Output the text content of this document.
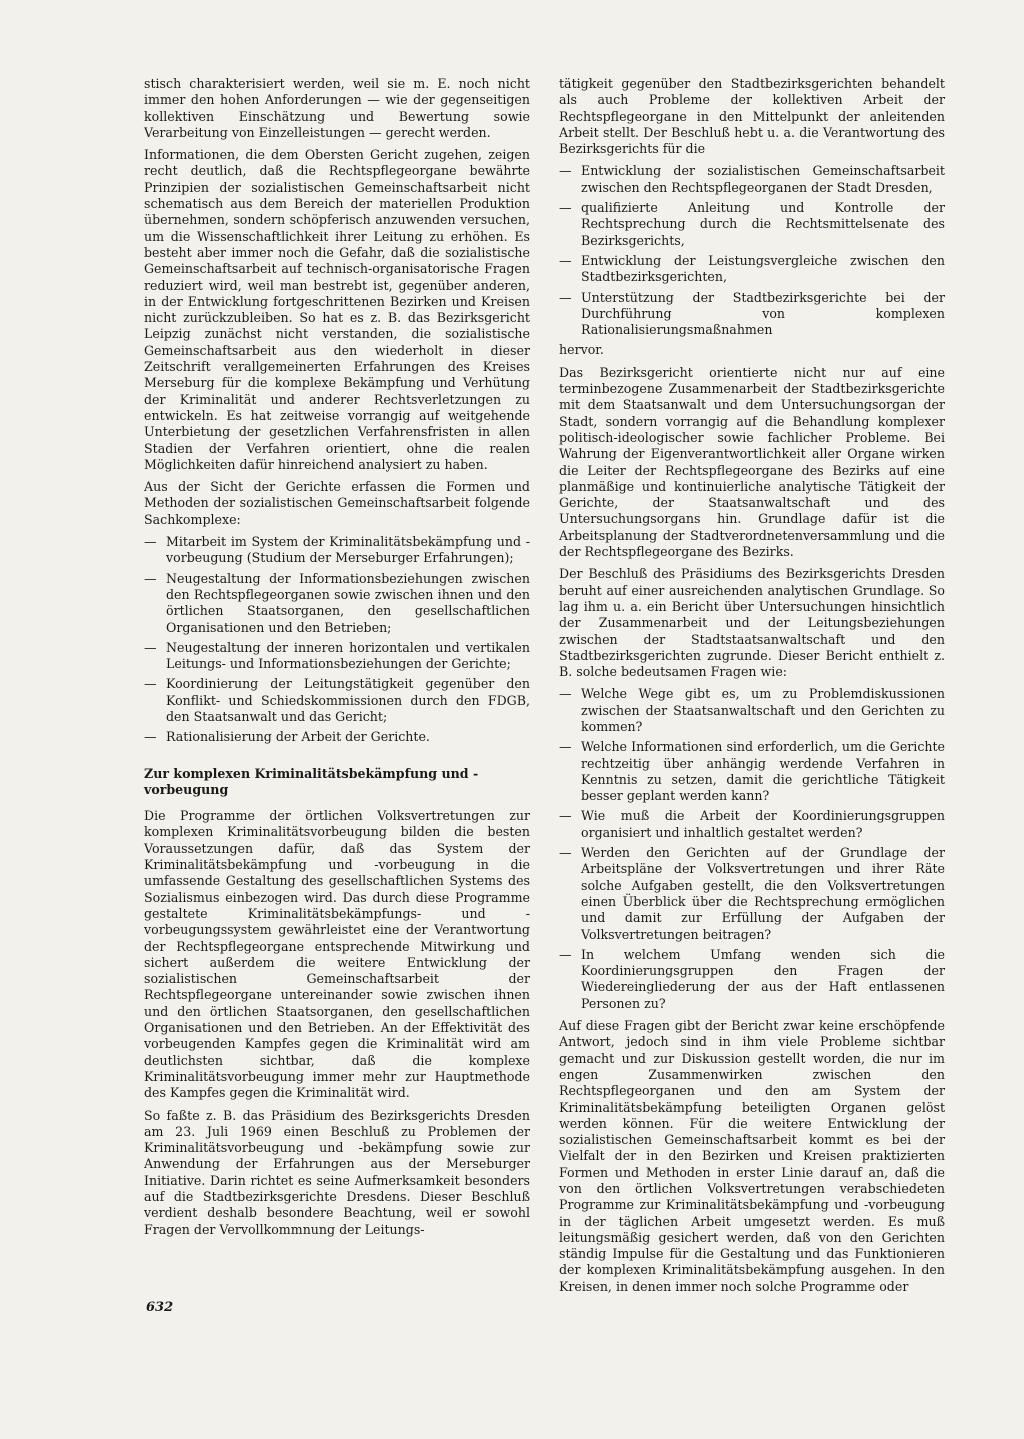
stisch charakterisiert werden, weil sie m. E. noch nicht immer den hohen Anforderungen — wie der gegenseitigen kollektiven Einschätzung und Bewertung sowie Verarbeitung von Einzelleistungen — gerecht werden.

Informationen, die dem Obersten Gericht zugehen, zeigen recht deutlich, daß die Rechtspflegeorgane bewährte Prinzipien der sozialistischen Gemeinschaftsarbeit nicht schematisch aus dem Bereich der materiellen Produktion übernehmen, sondern schöpferisch anzuwenden versuchen, um die Wissenschaftlichkeit ihrer Leitung zu erhöhen. Es besteht aber immer noch die Gefahr, daß die sozialistische Gemeinschaftsarbeit auf technisch-organisatorische Fragen reduziert wird, weil man bestrebt ist, gegenüber anderen, in der Entwicklung fortgeschrittenen Bezirken und Kreisen nicht zurückzubleiben. So hat es z. B. das Bezirksgericht Leipzig zunächst nicht verstanden, die sozialistische Gemeinschaftsarbeit aus den wiederholt in dieser Zeitschrift verallgemeinerten Erfahrungen des Kreises Merseburg für die komplexe Bekämpfung und Verhütung der Kriminalität und anderer Rechtsverletzungen zu entwickeln. Es hat zeitweise vorrangig auf weitgehende Unterbietung der gesetzlichen Verfahrensfristen in allen Stadien der Verfahren orientiert, ohne die realen Möglichkeiten dafür hinreichend analysiert zu haben.

Aus der Sicht der Gerichte erfassen die Formen und Methoden der sozialistischen Gemeinschaftsarbeit folgende Sachkomplexe:

— Mitarbeit im System der Kriminalitätsbekämpfung und -vorbeugung (Studium der Merseburger Erfahrungen);
— Neugestaltung der Informationsbeziehungen zwischen den Rechtspflegeorganen sowie zwischen ihnen und den örtlichen Staatsorganen, den gesellschaftlichen Organisationen und den Betrieben;
— Neugestaltung der inneren horizontalen und vertikalen Leitungs- und Informationsbeziehungen der Gerichte;
— Koordinierung der Leitungstätigkeit gegenüber den Konflikt- und Schiedskommissionen durch den FDGB, den Staatsanwalt und das Gericht;
— Rationalisierung der Arbeit der Gerichte.
Zur komplexen Kriminalitätsbekämpfung und -vorbeugung

Die Programme der örtlichen Volksvertretungen zur komplexen Kriminalitätsvorbeugung bilden die besten Voraussetzungen dafür, daß das System der Kriminalitätsbekämpfung und -vorbeugung in die umfassende Gestaltung des gesellschaftlichen Systems des Sozialismus einbezogen wird. Das durch diese Programme gestaltete Kriminalitätsbekämpfungs- und -vorbeugungssystem gewährleistet eine der Verantwortung der Rechtspflegeorgane entsprechende Mitwirkung und sichert außerdem die weitere Entwicklung der sozialistischen Gemeinschaftsarbeit der Rechtspflegeorgane untereinander sowie zwischen ihnen und den örtlichen Staatsorganen, den gesellschaftlichen Organisationen und den Betrieben. An der Effektivität des vorbeugenden Kampfes gegen die Kriminalität wird am deutlichsten sichtbar, daß die komplexe Kriminalitätsvorbeugung immer mehr zur Hauptmethode des Kampfes gegen die Kriminalität wird.

So faßte z. B. das Präsidium des Bezirksgerichts Dresden am 23. Juli 1969 einen Beschluß zu Problemen der Kriminalitätsvorbeugung und -bekämpfung sowie zur Anwendung der Erfahrungen aus der Merseburger Initiative. Darin richtet es seine Aufmerksamkeit besonders auf die Stadtbezirksgerichte Dresdens. Dieser Beschluß verdient deshalb besondere Beachtung, weil er sowohl Fragen der Vervollkommnung der Leitungs-

tätigkeit gegenüber den Stadtbezirksgerichten behandelt als auch Probleme der kollektiven Arbeit der Rechtspflegeorgane in den Mittelpunkt der anleitenden Arbeit stellt. Der Beschluß hebt u. a. die Verantwortung des Bezirksgerichts für die

— Entwicklung der sozialistischen Gemeinschaftsarbeit zwischen den Rechtspflegeorganen der Stadt Dresden,
— qualifizierte Anleitung und Kontrolle der Rechtsprechung durch die Rechtsmittelsenate des Bezirksgerichts,
— Entwicklung der Leistungsvergleiche zwischen den Stadtbezirksgerichten,
— Unterstützung der Stadtbezirksgerichte bei der Durchführung von komplexen Rationalisierungsmaßnahmen

hervor.

Das Bezirksgericht orientierte nicht nur auf eine terminbezogene Zusammenarbeit der Stadtbezirksgerichte mit dem Staatsanwalt und dem Untersuchungsorgan der Stadt, sondern vorrangig auf die Behandlung komplexer politisch-ideologischer sowie fachlicher Probleme. Bei Wahrung der Eigenverantwortlichkeit aller Organe wirken die Leiter der Rechtspflegeorgane des Bezirks auf eine planmäßige und kontinuierliche analytische Tätigkeit der Gerichte, der Staatsanwaltschaft und des Untersuchungsorgans hin. Grundlage dafür ist die Arbeitsplanung der Stadtverordnetenversammlung und die der Rechtspflegeorgane des Bezirks.

Der Beschluß des Präsidiums des Bezirksgerichts Dresden beruht auf einer ausreichenden analytischen Grundlage. So lag ihm u. a. ein Bericht über Untersuchungen hinsichtlich der Zusammenarbeit und der Leitungsbeziehungen zwischen der Stadtstaatsanwaltschaft und den Stadtbezirksgerichten zugrunde. Dieser Bericht enthielt z. B. solche bedeutsamen Fragen wie:

— Welche Wege gibt es, um zu Problemdiskussionen zwischen der Staatsanwaltschaft und den Gerichten zu kommen?
— Welche Informationen sind erforderlich, um die Gerichte rechtzeitig über anhängig werdende Verfahren in Kenntnis zu setzen, damit die gerichtliche Tätigkeit besser geplant werden kann?
— Wie muß die Arbeit der Koordinierungsgruppen organisiert und inhaltlich gestaltet werden?
— Werden den Gerichten auf der Grundlage der Arbeitspläne der Volksvertretungen und ihrer Räte solche Aufgaben gestellt, die den Volksvertretungen einen Überblick über die Rechtsprechung ermöglichen und damit zur Erfüllung der Aufgaben der Volksvertretungen beitragen?
— In welchem Umfang wenden sich die Koordinierungsgruppen den Fragen der Wiedereingliederung der aus der Haft entlassenen Personen zu?

Auf diese Fragen gibt der Bericht zwar keine erschöpfende Antwort, jedoch sind in ihm viele Probleme sichtbar gemacht und zur Diskussion gestellt worden, die nur im engen Zusammenwirken zwischen den Rechtspflegeorganen und den am System der Kriminalitätsbekämpfung beteiligten Organen gelöst werden können. Für die weitere Entwicklung der sozialistischen Gemeinschaftsarbeit kommt es bei der Vielfalt der in den Bezirken und Kreisen praktizierten Formen und Methoden in erster Linie darauf an, daß die von den örtlichen Volksvertretungen verabschiedeten Programme zur Kriminalitätsbekämpfung und -vorbeugung in der täglichen Arbeit umgesetzt werden. Es muß leitungsmäßig gesichert werden, daß von den Gerichten ständig Impulse für die Gestaltung und das Funktionieren der komplexen Kriminalitätsbekämpfung ausgehen. In den Kreisen, in denen immer noch solche Programme oder

632
